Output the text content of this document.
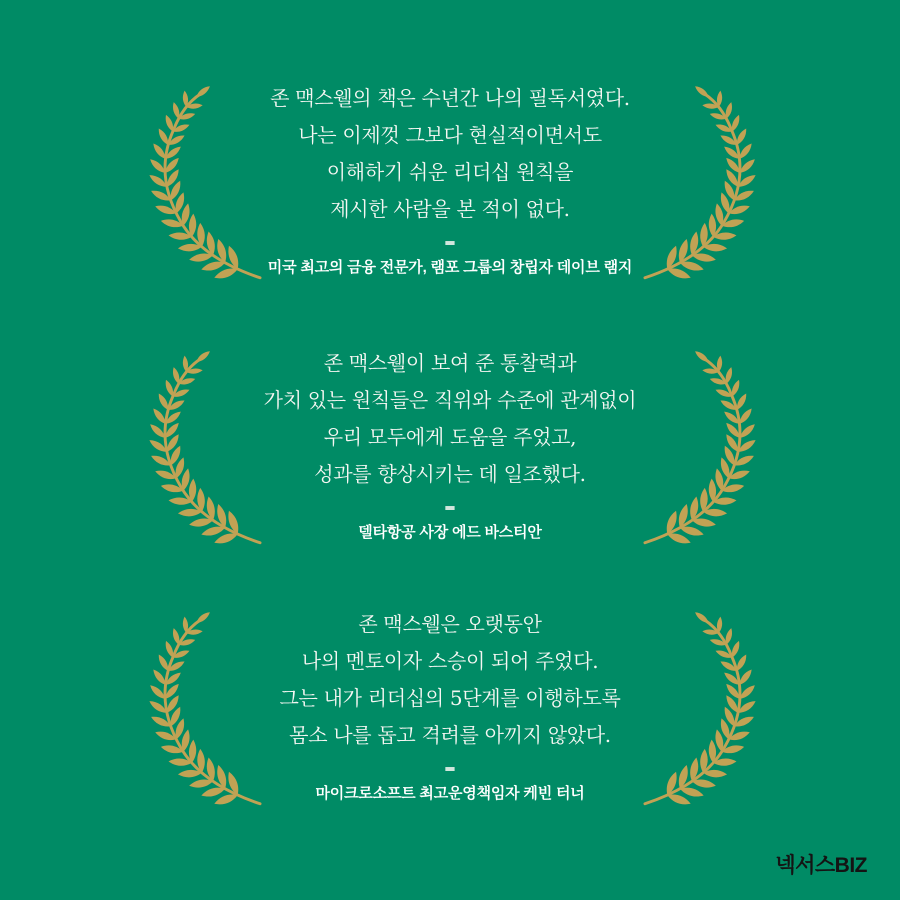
존 맥스웰의 책은 수년간 나의 필독서였다.
나는 이제껏 그보다 현실적이면서도
이해하기 쉬운 리더십 원칙을
제시한 사람을 본 적이 없다.
-
미국 최고의 금융 전문가, 램포 그룹의 창립자 데이브 램지
존 맥스웰이 보여 준 통찰력과
가치 있는 원칙들은 직위와 수준에 관계없이
우리 모두에게 도움을 주었고,
성과를 향상시키는 데 일조했다.
-
델타항공 사장 에드 바스티안
존 맥스웰은 오랫동안
나의 멘토이자 스승이 되어 주었다.
그는 내가 리더십의 5단계를 이행하도록
몸소 나를 돕고 격려를 아끼지 않았다.
-
마이크로소프트 최고운영책임자 케빈 터너
넥서스BIZ
